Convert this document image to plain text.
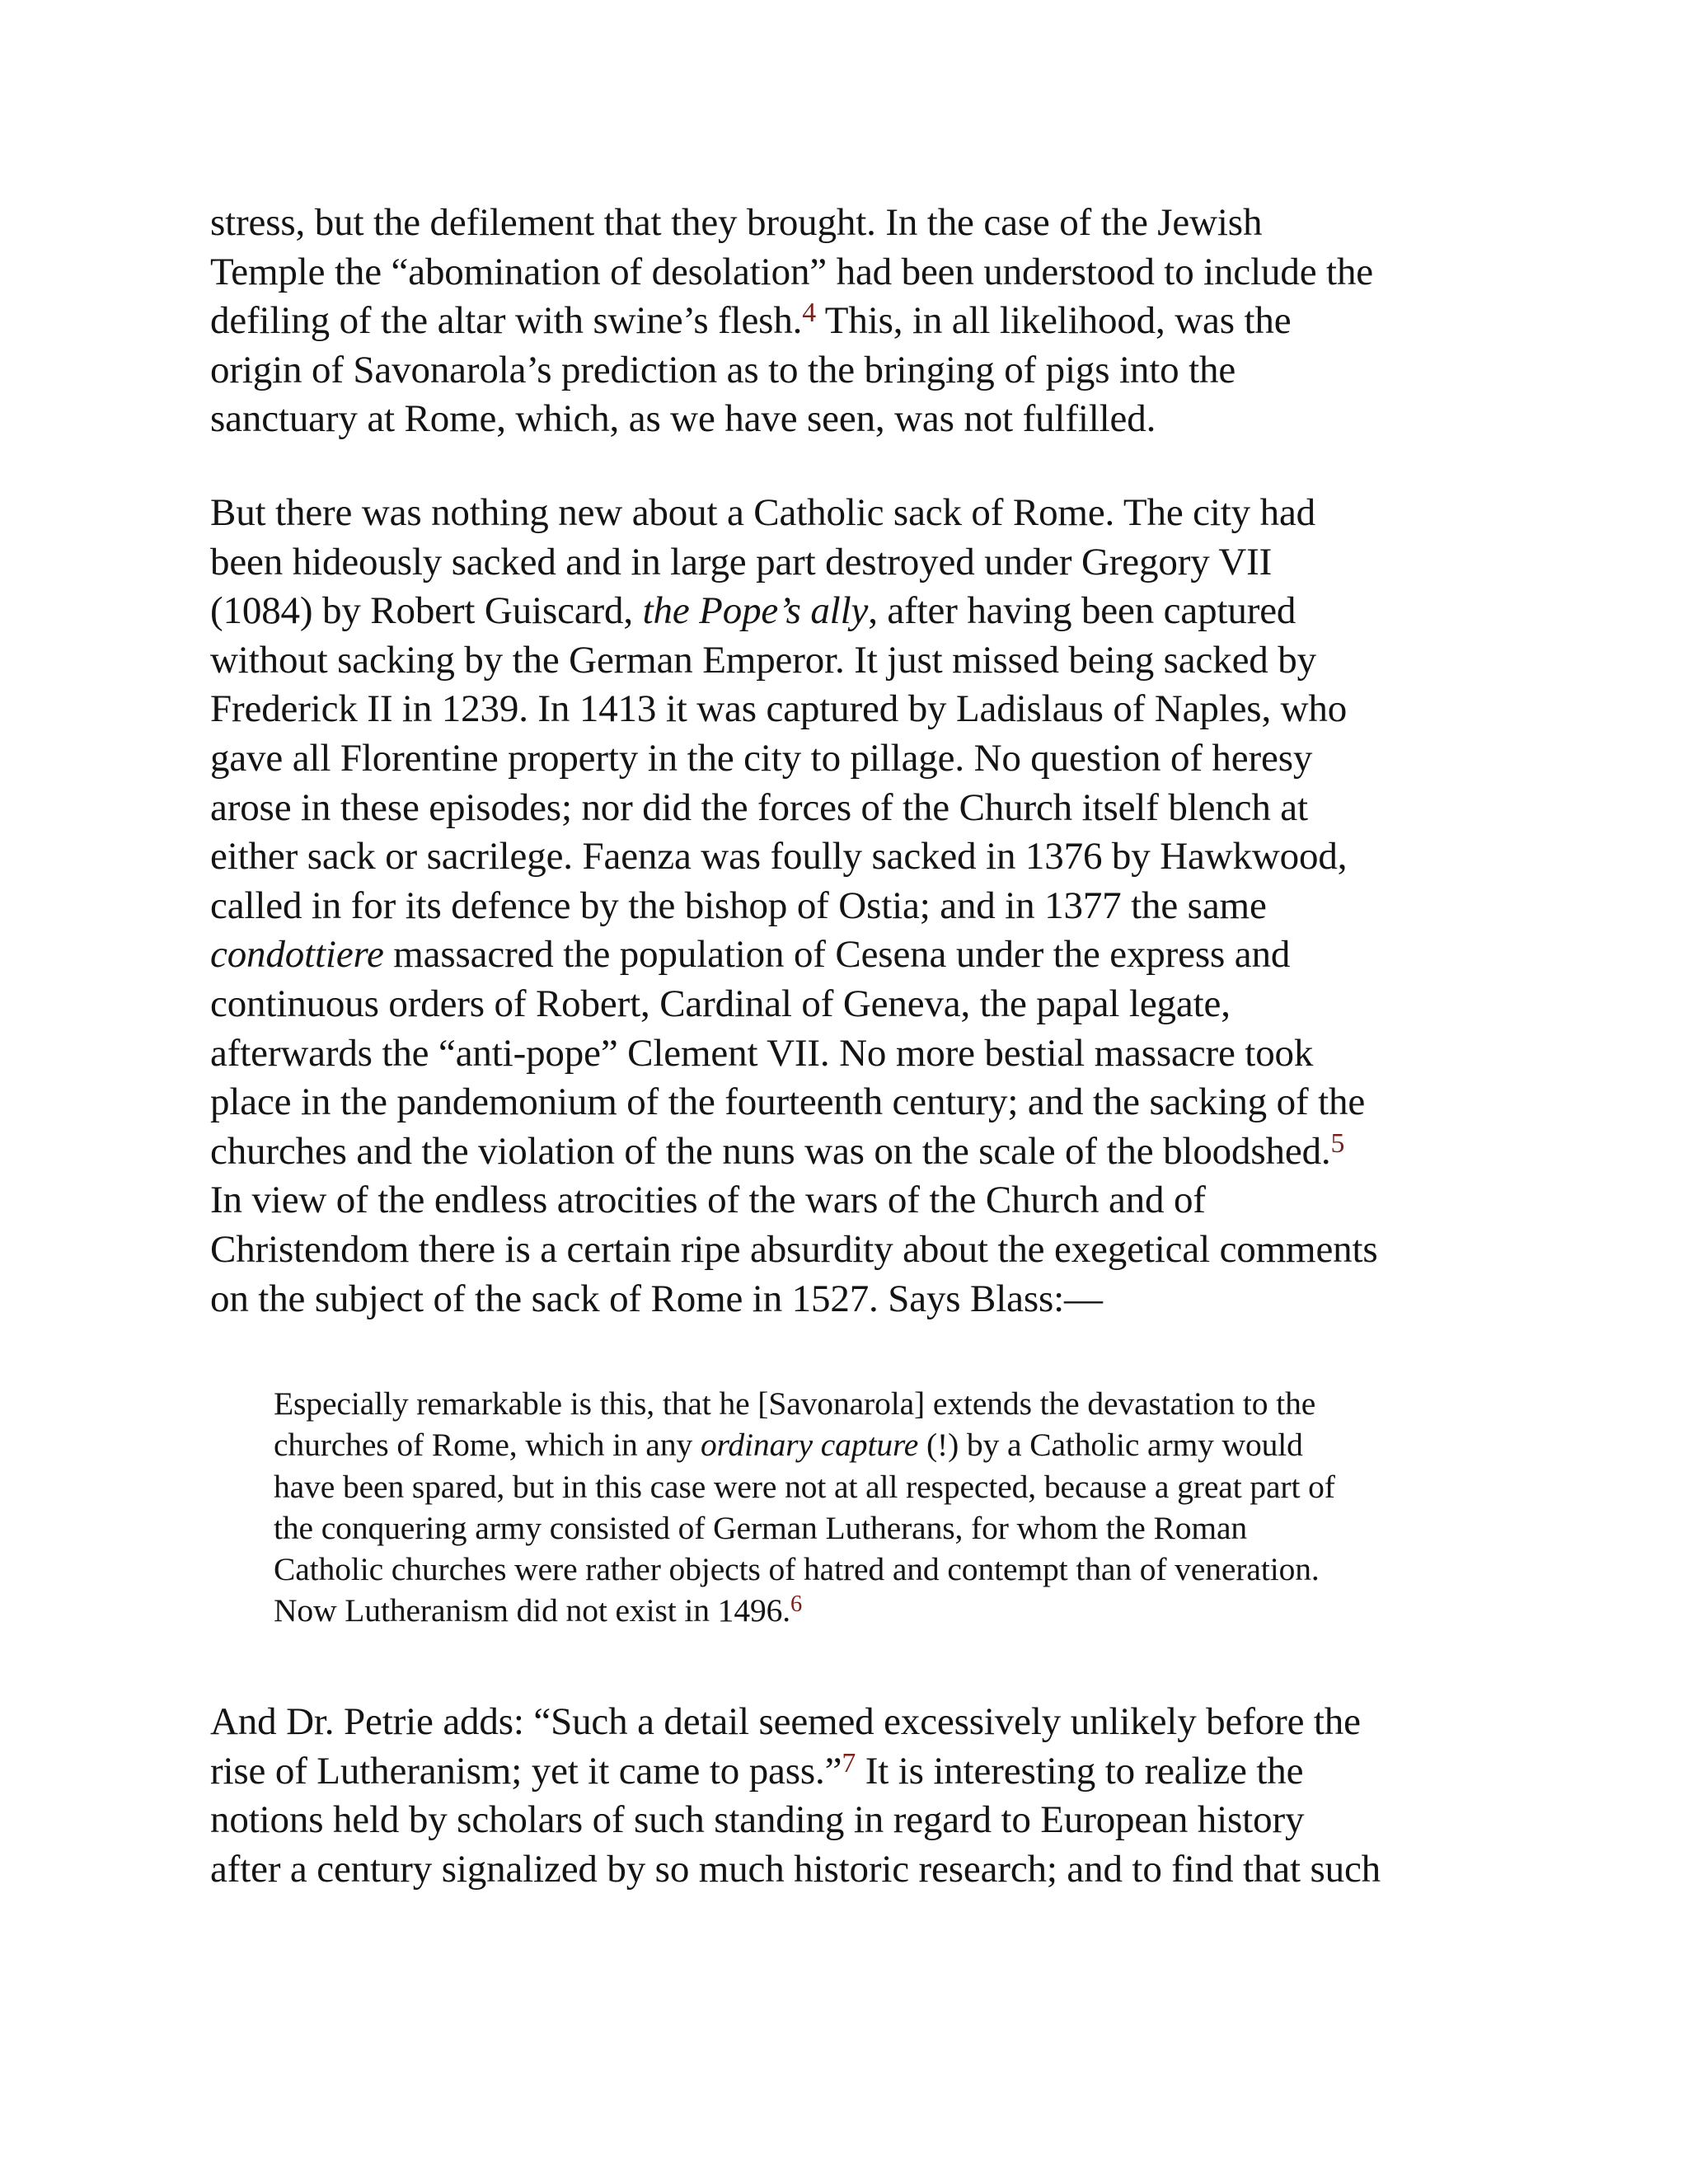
stress, but the defilement that they brought. In the case of the Jewish
Temple the “abomination of desolation” had been understood to include the
defiling of the altar with swine’s flesh.$^4$ This, in all likelihood, was the
origin of Savonarola’s prediction as to the bringing of pigs into the
sanctuary at Rome, which, as we have seen, was not fulfilled.
But there was nothing new about a Catholic sack of Rome. The city had
been hideously sacked and in large part destroyed under Gregory VII
(1084) by Robert Guiscard, the Pope’s ally, after having been captured
without sacking by the German Emperor. It just missed being sacked by
Frederick II in 1239. In 1413 it was captured by Ladislaus of Naples, who
gave all Florentine property in the city to pillage. No question of heresy
arose in these episodes; nor did the forces of the Church itself blench at
either sack or sacrilege. Faenza was foully sacked in 1376 by Hawkwood,
called in for its defence by the bishop of Ostia; and in 1377 the same
condottiere massacred the population of Cesena under the express and
continuous orders of Robert, Cardinal of Geneva, the papal legate,
afterwards the “anti-pope” Clement VII. No more bestial massacre took
place in the pandemonium of the fourteenth century; and the sacking of the
churches and the violation of the nuns was on the scale of the bloodshed.$^5$
In view of the endless atrocities of the wars of the Church and of
Christendom there is a certain ripe absurdity about the exegetical comments
on the subject of the sack of Rome in 1527. Says Blass:—
Especially remarkable is this, that he [Savonarola] extends the devastation to the
churches of Rome, which in any ordinary capture (!) by a Catholic army would
have been spared, but in this case were not at all respected, because a great part of
the conquering army consisted of German Lutherans, for whom the Roman
Catholic churches were rather objects of hatred and contempt than of veneration.
Now Lutheranism did not exist in 1496.$^6$
And Dr. Petrie adds: “Such a detail seemed excessively unlikely before the
rise of Lutheranism; yet it came to pass.”$^7$ It is interesting to realize the
notions held by scholars of such standing in regard to European history
after a century signalized by so much historic research; and to find that such
